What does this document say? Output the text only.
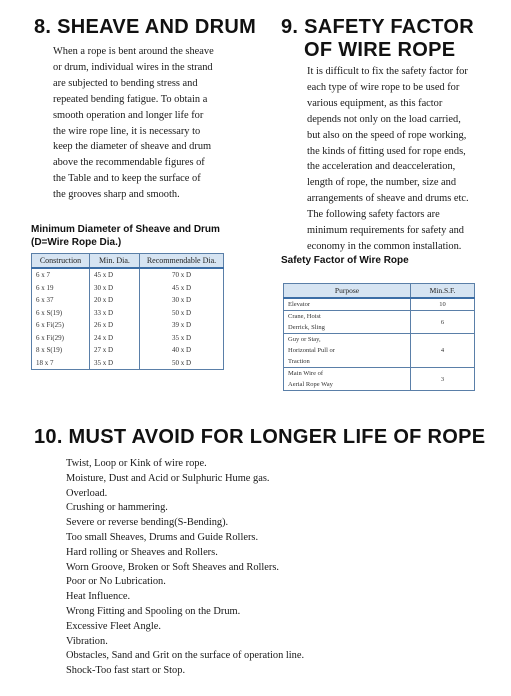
8. SHEAVE AND DRUM

When a rope is bent around the sheave

or drum, individual wires in the strand

are subjected to bending stress and

repeated bending fatigue. To obtain a

smooth operation and longer life for

the wire rope line, it is necessary to

keep the diameter of sheave and drum

above the recommendable figures of

the Table and to keep the surface of

the grooves sharp and smooth.

Minimum Diameter of Sheave and Drum
(D=Wire Rope Dia.)
Construction	Min. Dia.	Recommendable Dia.
6 x 7	45 x D	70 x D
6 x 19	30 x D	45 x D
6 x 37	20 x D	30 x D
6 x S(19)	33 x D	50 x D
6 x Fi(25)	26 x D	39 x D
6 x Fi(29)	24 x D	35 x D
8 x S(19)	27 x D	40 x D
18 x 7	35 x D	50 x D
9. SAFETY FACTOR
OF WIRE ROPE

It is difficult to fix the safety factor for

each type of wire rope to be used for

various equipment, as this factor

depends not only on the load carried,

but also on the speed of rope working,

the kinds of fitting used for rope ends,

the acceleration and deacceleration,

length of rope, the number, size and

arrangements of sheave and drums etc.

The following safety factors are

minimum requirements for safety and

economy in the common installation.

Safety Factor of Wire Rope
Purpose	Min.S.F.

Elevator	10

Crane, Hoist
Derrick, Sling	6

Guy or Stay,
Horizontal Pull or
Traction	4

Main Wire of
Aerial Rope Way	3
10. MUST AVOID FOR LONGER LIFE OF ROPE
Twist, Loop or Kink of wire rope.
Moisture, Dust and Acid or Sulphuric Hume gas.
Overload.
Crushing or hammering.
Severe or reverse bending(S-Bending).
Too small Sheaves, Drums and Guide Rollers.
Hard rolling or Sheaves and Rollers.
Worn Groove, Broken or Soft Sheaves and Rollers.
Poor or No Lubrication.
Heat Influence.
Wrong Fitting and Spooling on the Drum.
Excessive Fleet Angle.
Vibration.
Obstacles, Sand and Grit on the surface of operation line.
Shock-Too fast start or Stop.
